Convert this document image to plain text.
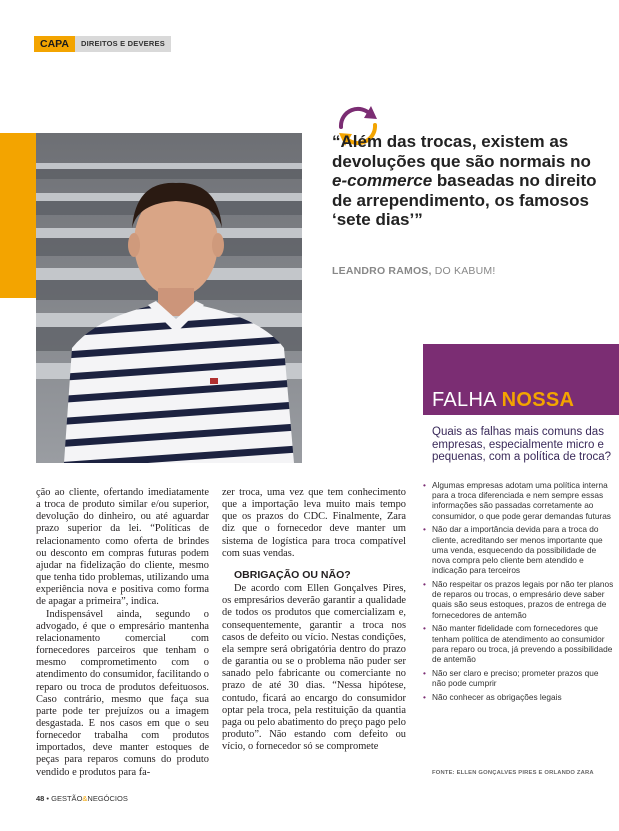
CAPA	DIREITOS E DEVERES
“Além das trocas, existem as devoluções que são normais no e-commerce baseadas no direito de arrependimento, os famosos ‘sete dias’”
LEANDRO RAMOS, DO KABUM!
FALHA NOSSA
Quais as falhas mais comuns das empresas, especialmente micro e pequenas, com a política de troca?
• Algumas empresas adotam uma política interna para a troca diferenciada e nem sempre essas informações são passadas corretamente ao consumidor, o que pode gerar demandas futuras
• Não dar a importância devida para a troca do cliente, acreditando ser menos importante que uma venda, esquecendo da possibilidade de nova compra pelo cliente bem atendido e indicação para terceiros
• Não respeitar os prazos legais por não ter planos de reparos ou trocas, o empresário deve saber quais são seus estoques, prazos de entrega de fornecedores de antemão
• Não manter fidelidade com fornecedores que tenham política de atendimento ao consumidor para reparo ou troca, já prevendo a possibilidade de antemão
• Não ser claro e preciso; prometer prazos que não pode cumprir
• Não conhecer as obrigações legais
FONTE: ELLEN GONÇALVES PIRES E ORLANDO ZARA

ção ao cliente, ofertando imediatamente a troca de produto similar e/ou superior, devolução do dinheiro, ou até aguardar prazo superior da lei. “Políticas de relacionamento como oferta de brindes ou desconto em compras futuras podem ajudar na fidelização do cliente, mesmo que tenha tido problemas, utilizando uma experiência nova e positiva como forma de apagar a primeira”, indica.

Indispensável ainda, segundo o advogado, é que o empresário mantenha relacionamento comercial com fornecedores parceiros que tenham o mesmo comprometimento com o atendimento do consumidor, facilitando o reparo ou troca de produtos defeituosos. Caso contrário, mesmo que faça sua parte pode ter prejuízos ou a imagem desgastada. E nos casos em que o seu fornecedor trabalha com produtos importados, deve manter estoques de peças para reparos comuns do produto vendido e produtos para fa-

zer troca, uma vez que tem conhecimento que a importação leva muito mais tempo que os prazos do CDC. Finalmente, Zara diz que o fornecedor deve manter um sistema de logística para troca compatível com suas vendas.

OBRIGAÇÃO OU NÃO?

De acordo com Ellen Gonçalves Pires, os empresários deverão garantir a qualidade de todos os produtos que comercializam e, consequentemente, garantir a troca nos casos de defeito ou vício. Nestas condições, ela sempre será obrigatória dentro do prazo de garantia ou se o problema não puder ser sanado pelo fabricante ou comerciante no prazo de até 30 dias. “Nessa hipótese, contudo, ficará ao encargo do consumidor optar pela troca, pela restituição da quantia paga ou pelo abatimento do preço pago pelo produto”. Não estando com defeito ou vício, o fornecedor só se compromete

48 • GESTÃO&NEGÓCIOS
